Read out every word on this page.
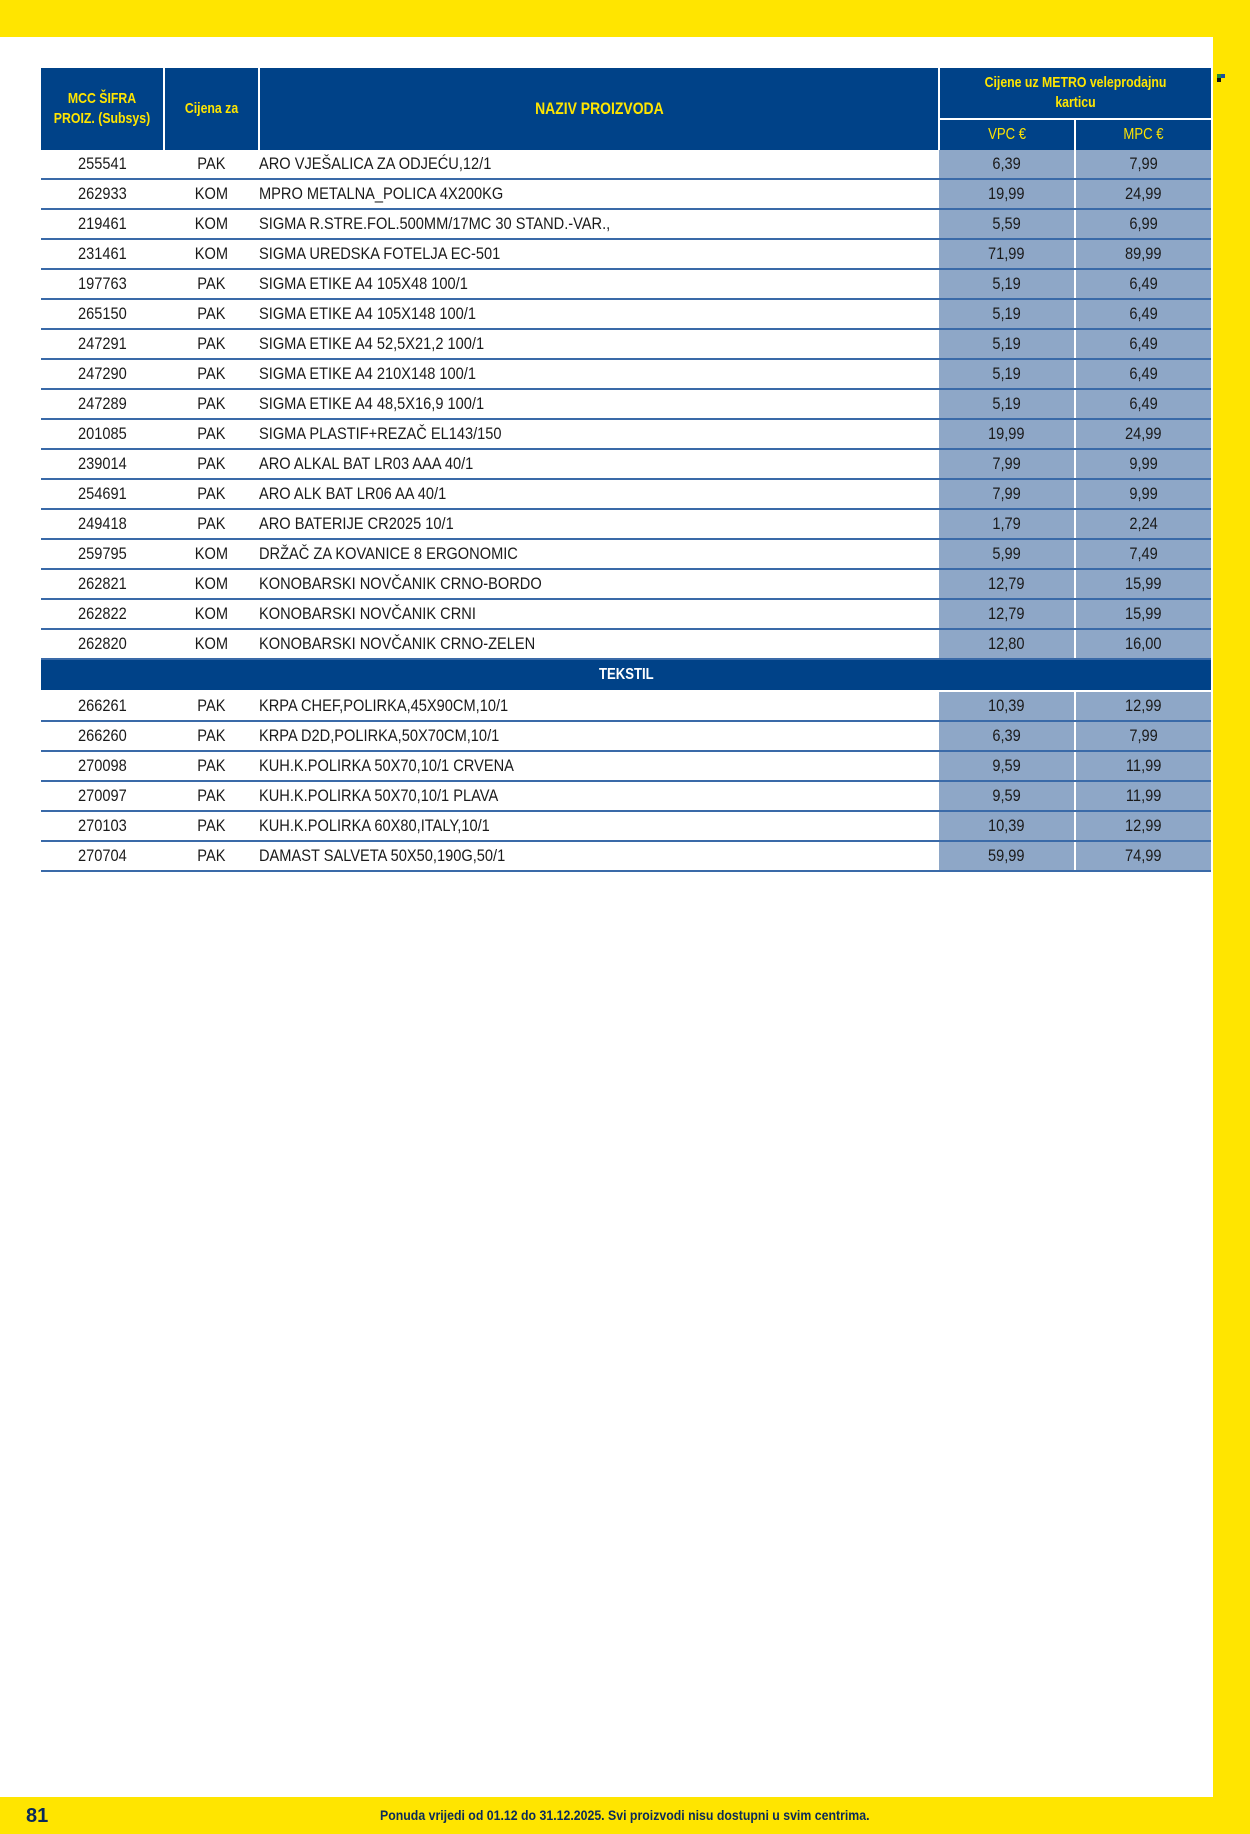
MCC ŠIFRA PROIZ. (Subsys)	Cijena za	NAZIV PROIZVODA	Cijene uz METRO veleprodajnu karticu	
			VPC €	MPC €
255541	PAK	ARO VJEŠALICA ZA ODJEĆU,12/1	6,39	7,99
262933	KOM	MPRO METALNA_POLICA 4X200KG	19,99	24,99
219461	KOM	SIGMA R.STRE.FOL.500MM/17MC 30 STAND.-VAR.,	5,59	6,99
231461	KOM	SIGMA UREDSKA FOTELJA EC-501	71,99	89,99
197763	PAK	SIGMA ETIKE A4 105X48 100/1	5,19	6,49
265150	PAK	SIGMA ETIKE A4 105X148 100/1	5,19	6,49
247291	PAK	SIGMA ETIKE A4 52,5X21,2 100/1	5,19	6,49
247290	PAK	SIGMA ETIKE A4 210X148 100/1	5,19	6,49
247289	PAK	SIGMA ETIKE A4 48,5X16,9 100/1	5,19	6,49
201085	PAK	SIGMA PLASTIF+REZAČ EL143/150	19,99	24,99
239014	PAK	ARO ALKAL BAT LR03 AAA 40/1	7,99	9,99
254691	PAK	ARO ALK BAT LR06 AA 40/1	7,99	9,99
249418	PAK	ARO BATERIJE CR2025 10/1	1,79	2,24
259795	KOM	DRŽAČ ZA KOVANICE 8 ERGONOMIC	5,99	7,49
262821	KOM	KONOBARSKI NOVČANIK CRNO-BORDO	12,79	15,99
262822	KOM	KONOBARSKI NOVČANIK CRNI	12,79	15,99
262820	KOM	KONOBARSKI NOVČANIK CRNO-ZELEN	12,80	16,00
TEKSTIL				
266261	PAK	KRPA CHEF,POLIRKA,45X90CM,10/1	10,39	12,99
266260	PAK	KRPA D2D,POLIRKA,50X70CM,10/1	6,39	7,99
270098	PAK	KUH.K.POLIRKA 50X70,10/1 CRVENA	9,59	11,99
270097	PAK	KUH.K.POLIRKA 50X70,10/1 PLAVA	9,59	11,99
270103	PAK	KUH.K.POLIRKA 60X80,ITALY,10/1	10,39	12,99
270704	PAK	DAMAST SALVETA 50X50,190G,50/1	59,99	74,99
81	Ponuda vrijedi od 01.12 do 31.12.2025. Svi proizvodi nisu dostupni u svim centrima.
